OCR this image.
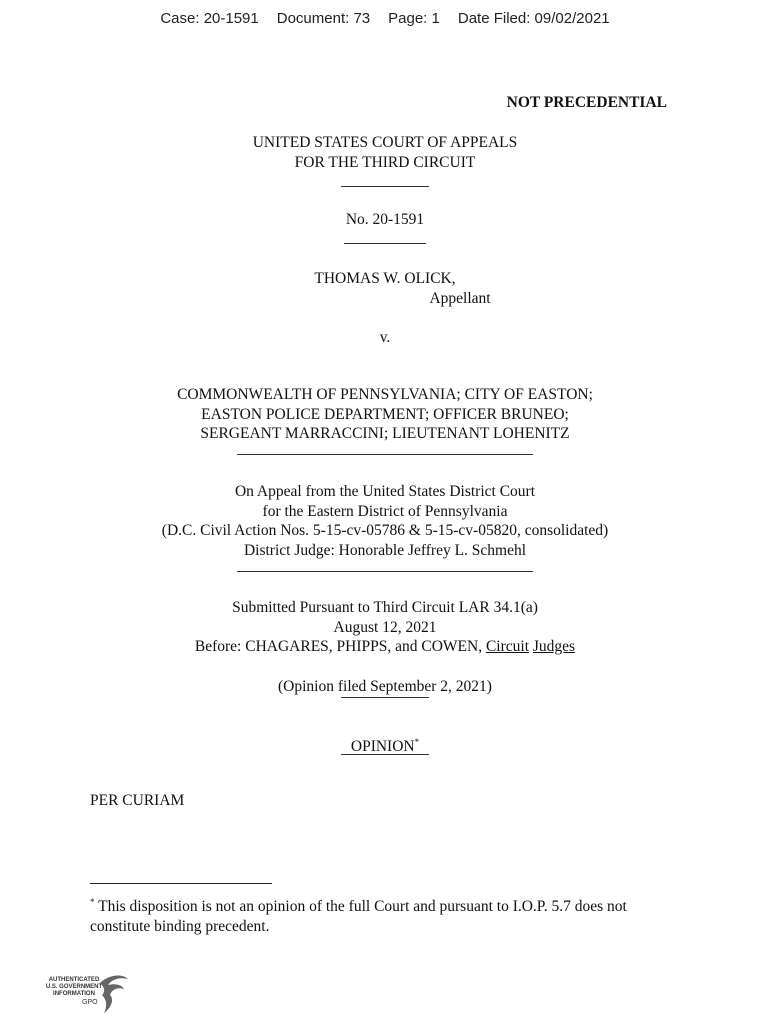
Case: 20-1591 Document: 73 Page: 1 Date Filed: 09/02/2021
NOT PRECEDENTIAL
UNITED STATES COURT OF APPEALS
FOR THE THIRD CIRCUIT
No. 20-1591
THOMAS W. OLICK,
Appellant
v.
COMMONWEALTH OF PENNSYLVANIA; CITY OF EASTON;
EASTON POLICE DEPARTMENT; OFFICER BRUNEO;
SERGEANT MARRACCINI; LIEUTENANT LOHENITZ
On Appeal from the United States District Court
for the Eastern District of Pennsylvania
(D.C. Civil Action Nos. 5-15-cv-05786 & 5-15-cv-05820, consolidated)
District Judge: Honorable Jeffrey L. Schmehl
Submitted Pursuant to Third Circuit LAR 34.1(a)
August 12, 2021
Before: CHAGARES, PHIPPS, and COWEN, Circuit Judges
(Opinion filed September 2, 2021)
OPINION*
PER CURIAM
* This disposition is not an opinion of the full Court and pursuant to I.O.P. 5.7 does not constitute binding precedent.
AUTHENTICATED
U.S. GOVERNMENT
INFORMATION
GPO
